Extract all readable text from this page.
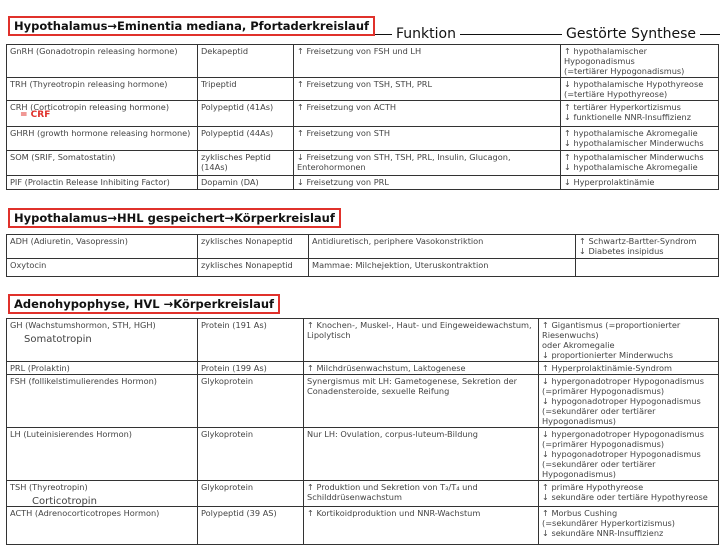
GnRH (Gonadotropin releasing hormone)	Dekapeptid	↑ Freisetzung von FSH und LH	↑ hypothalamischer Hypogonadismus
(=tertiärer Hypogonadismus)
TRH (Thyreotropin releasing hormone)	Tripeptid	↑ Freisetzung von TSH, STH, PRL	↓ hypothalamische Hypothyreose
(=tertiäre Hypothyreose)
CRH (Corticotropin releasing hormone)	Polypeptid (41As)	↑ Freisetzung von ACTH	↑ tertiärer Hyperkortizismus
↓ funktionelle NNR-Insuffizienz
GHRH (growth hormone releasing hormone)	Polypeptid (44As)	↑ Freisetzung von STH	↑ hypothalamische Akromegalie
↓ hypothalamischer Minderwuchs
SOM (SRIF, Somatostatin)	zyklisches Peptid (14As)	↓ Freisetzung von STH, TSH, PRL, Insulin, Glucagon,
Enterohormonen	↑ hypothalamischer Minderwuchs
↓ hypothalamische Akromegalie
PIF (Prolactin Release Inhibiting Factor)	Dopamin (DA)	↓ Freisetzung von PRL	↓ Hyperprolaktinämie
Hypothalamus→Eminentia mediana, Pfortaderkreislauf	Funktion	Gestörte Synthese
= CRF
ADH (Adiuretin, Vasopressin)	zyklisches Nonapeptid	Antidiuretisch, periphere Vasokonstriktion	↑ Schwartz-Bartter-Syndrom
↓ Diabetes insipidus
Oxytocin	zyklisches Nonapeptid	Mammae: Milchejektion, Uteruskontraktion	
Hypothalamus→HHL gespeichert→Körperkreislauf
GH (Wachstumshormon, STH, HGH)	Protein (191 As)	↑ Knochen-, Muskel-, Haut- und Eingeweidewachstum,
Lipolytisch	↑ Gigantismus (=proportionierter Riesenwuchs)
oder Akromegalie
↓ proportionierter Minderwuchs
PRL (Prolaktin)	Protein (199 As)	↑ Milchdrüsenwachstum, Laktogenese	↑ Hyperprolaktinämie-Syndrom
FSH (follikelstimulierendes Hormon)	Glykoprotein	Synergismus mit LH: Gametogenese, Sekretion der
Conadensteroide, sexuelle Reifung	↓ hypergonadotroper Hypogonadismus
(=primärer Hypogonadismus)
↓ hypogonadotroper Hypogonadismus
(=sekundärer oder tertiärer Hypogonadismus)
LH (Luteinisierendes Hormon)	Glykoprotein	Nur LH: Ovulation, corpus-luteum-Bildung	↓ hypergonadotroper Hypogonadismus
(=primärer Hypogonadismus)
↓ hypogonadotroper Hypogonadismus
(=sekundärer oder tertiärer Hypogonadismus)
TSH (Thyreotropin)	Glykoprotein	↑ Produktion und Sekretion von T₃/T₄ und
Schilddrüsenwachstum	↑ primäre Hypothyreose
↓ sekundäre oder tertiäre Hypothyreose
ACTH (Adrenocorticotropes Hormon)	Polypeptid (39 AS)	↑ Kortikoidproduktion und NNR-Wachstum	↑ Morbus Cushing
(=sekundärer Hyperkortizismus)
↓ sekundäre NNR-Insuffizienz
Adenohypophyse, HVL →Körperkreislauf
Somatotropin
Corticotropin
